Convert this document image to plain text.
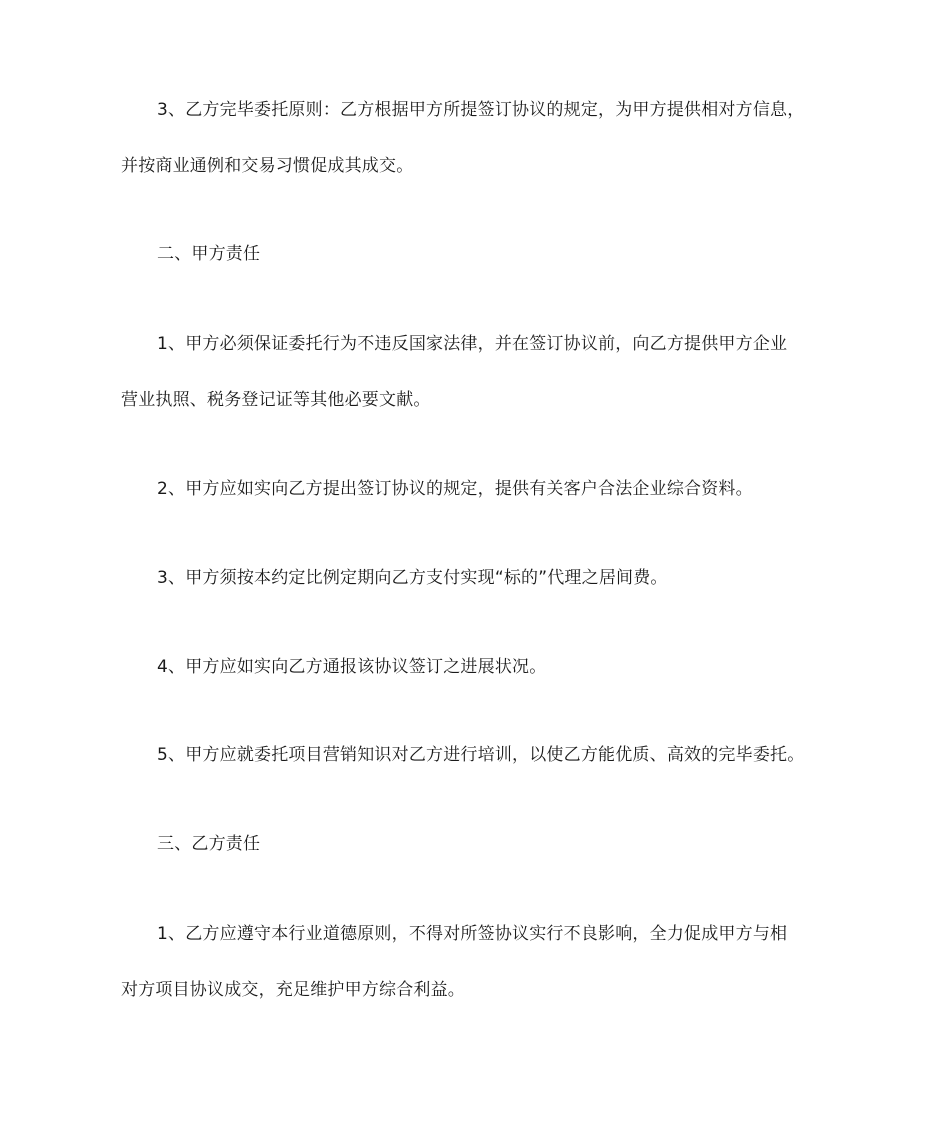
3、乙方完毕委托原则：乙方根据甲方所提签订协议的规定，为甲方提供相对方信息，
并按商业通例和交易习惯促成其成交。
二、甲方责任
1、甲方必须保证委托行为不违反国家法律，并在签订协议前，向乙方提供甲方企业
营业执照、税务登记证等其他必要文献。
2、甲方应如实向乙方提出签订协议的规定，提供有关客户合法企业综合资料。
3、甲方须按本约定比例定期向乙方支付实现“标的”代理之居间费。
4、甲方应如实向乙方通报该协议签订之进展状况。
5、甲方应就委托项目营销知识对乙方进行培训，以使乙方能优质、高效的完毕委托。
三、乙方责任
1、乙方应遵守本行业道德原则，不得对所签协议实行不良影响，全力促成甲方与相
对方项目协议成交，充足维护甲方综合利益。
